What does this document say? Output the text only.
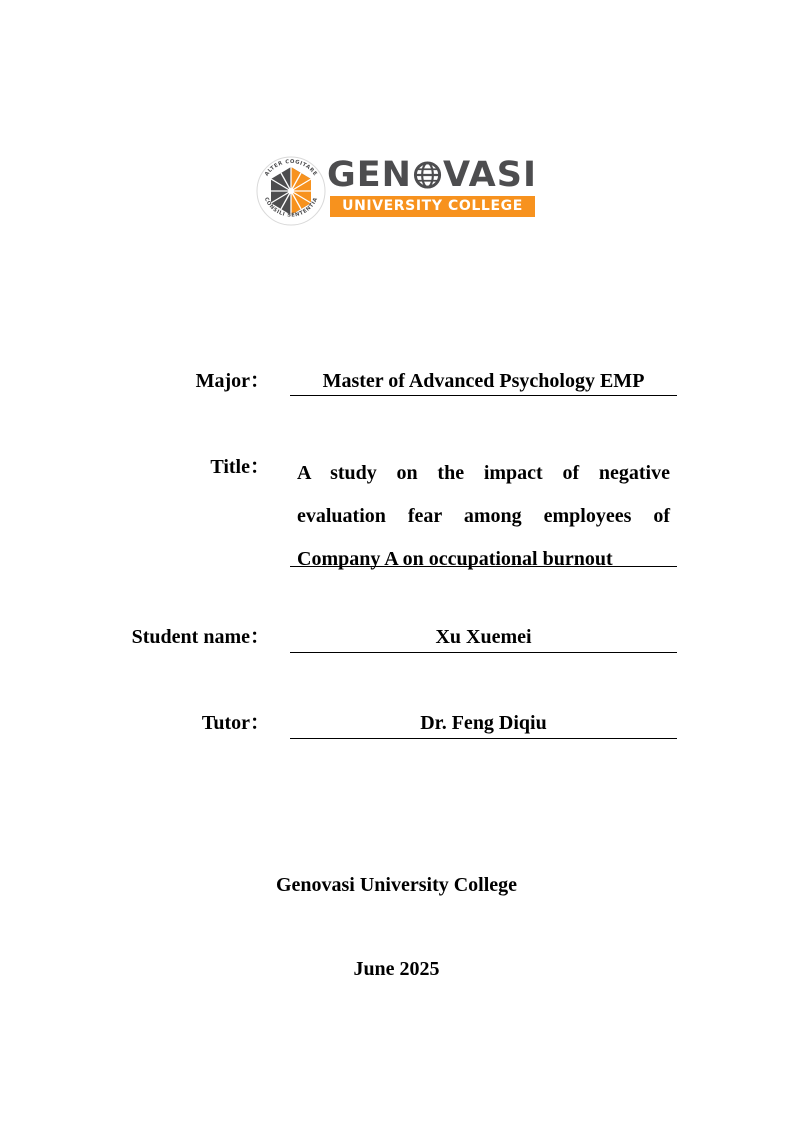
ALTER COGITARE
CONSILI SENTENTIA
GEN VASI
UNIVERSITY COLLEGE
Major：	Master of Advanced Psychology EMP
Title： A study on the impact of negative
evaluation fear among employees of
Company A on occupational burnout
Student name：	Xu Xuemei
Tutor：	Dr. Feng Diqiu
Genovasi University College
June 2025
